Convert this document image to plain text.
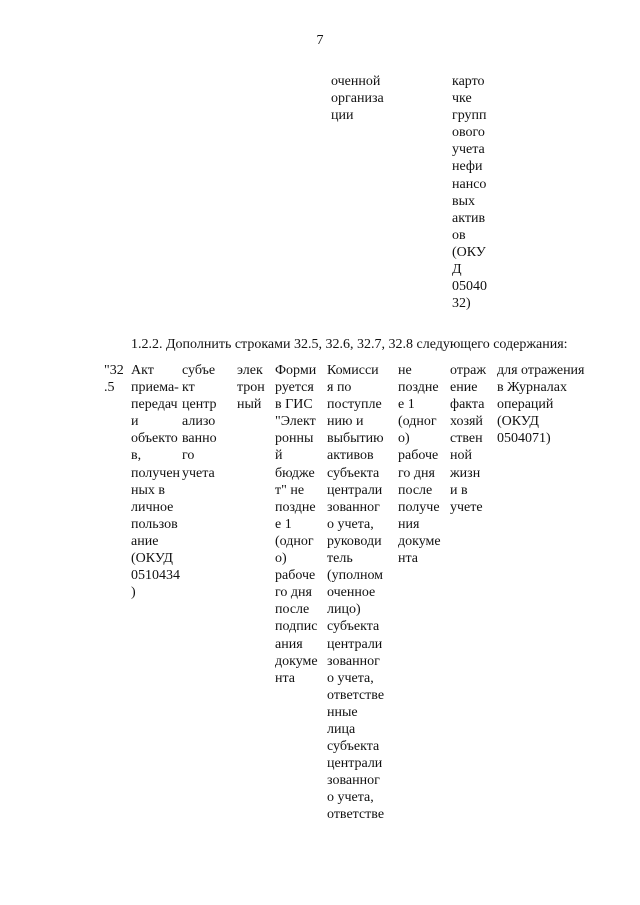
7
оченной
организа
ции
карто
чке
групп
ового
учета
нефи
нансо
вых
актив
ов
(ОКУ
Д
05040
32)
1.2.2. Дополнить строками 32.5, 32.6, 32.7, 32.8 следующего содержания:
"32
.5
Акт
приема-
передач
и
объекто
в,
получен
ных в
личное
пользов
ание
(ОКУД
0510434
)
субъе
кт
центр
ализо
ванно
го
учета
элек
трон
ный
Форми
руется
в ГИС
"Элект
ронны
й
бюдже
т" не
поздне
е 1
(одног
о)
рабоче
го дня
после
подпис
ания
докуме
нта
Комисси
я по
поступле
нию и
выбытию
активов
субъекта
централи
зованног
о учета,
руководи
тель
(уполном
оченное
лицо)
субъекта
централи
зованног
о учета,
ответстве
нные
лица
субъекта
централи
зованног
о учета,
ответстве
не
поздне
е 1
(одног
о)
рабоче
го дня
после
получе
ния
докуме
нта
отраж
ение
факта
хозяй
ствен
ной
жизн
и в
учете
для отражения
в Журналах
операций
(ОКУД
0504071)
